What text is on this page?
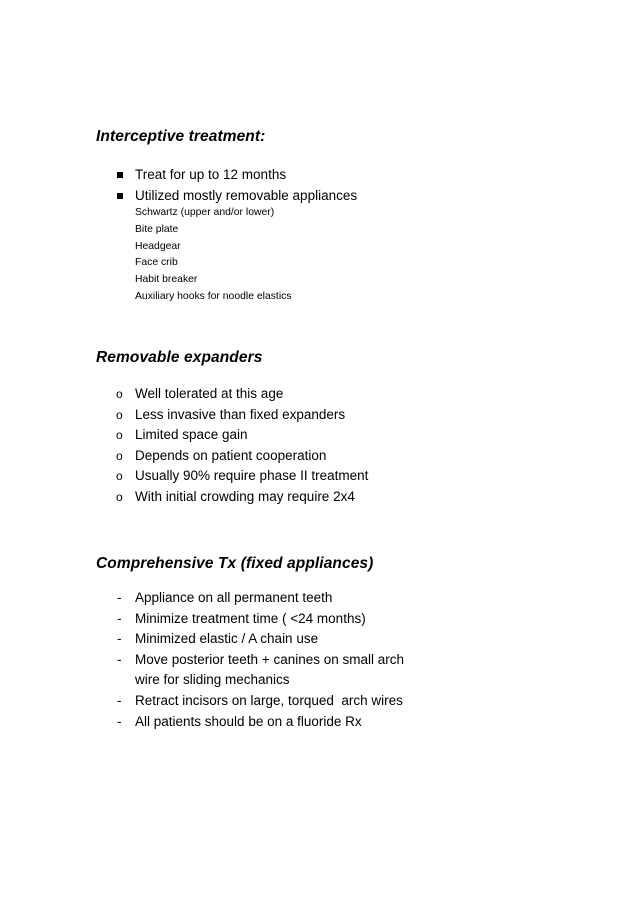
Interceptive treatment:
Treat for up to 12 months
Utilized mostly removable appliances
Schwartz (upper and/or lower)
Bite plate
Headgear
Face crib
Habit breaker
Auxiliary hooks for noodle elastics
Removable expanders
o Well tolerated at this age
o Less invasive than fixed expanders
o Limited space gain
o Depends on patient cooperation
o Usually 90% require phase II treatment
o With initial crowding may require 2x4
Comprehensive Tx (fixed appliances)
- Appliance on all permanent teeth
- Minimize treatment time ( <24 months)
- Minimized elastic / A chain use
- Move posterior teeth + canines on small arch
wire for sliding mechanics
- Retract incisors on large, torqued  arch wires
- All patients should be on a fluoride Rx
